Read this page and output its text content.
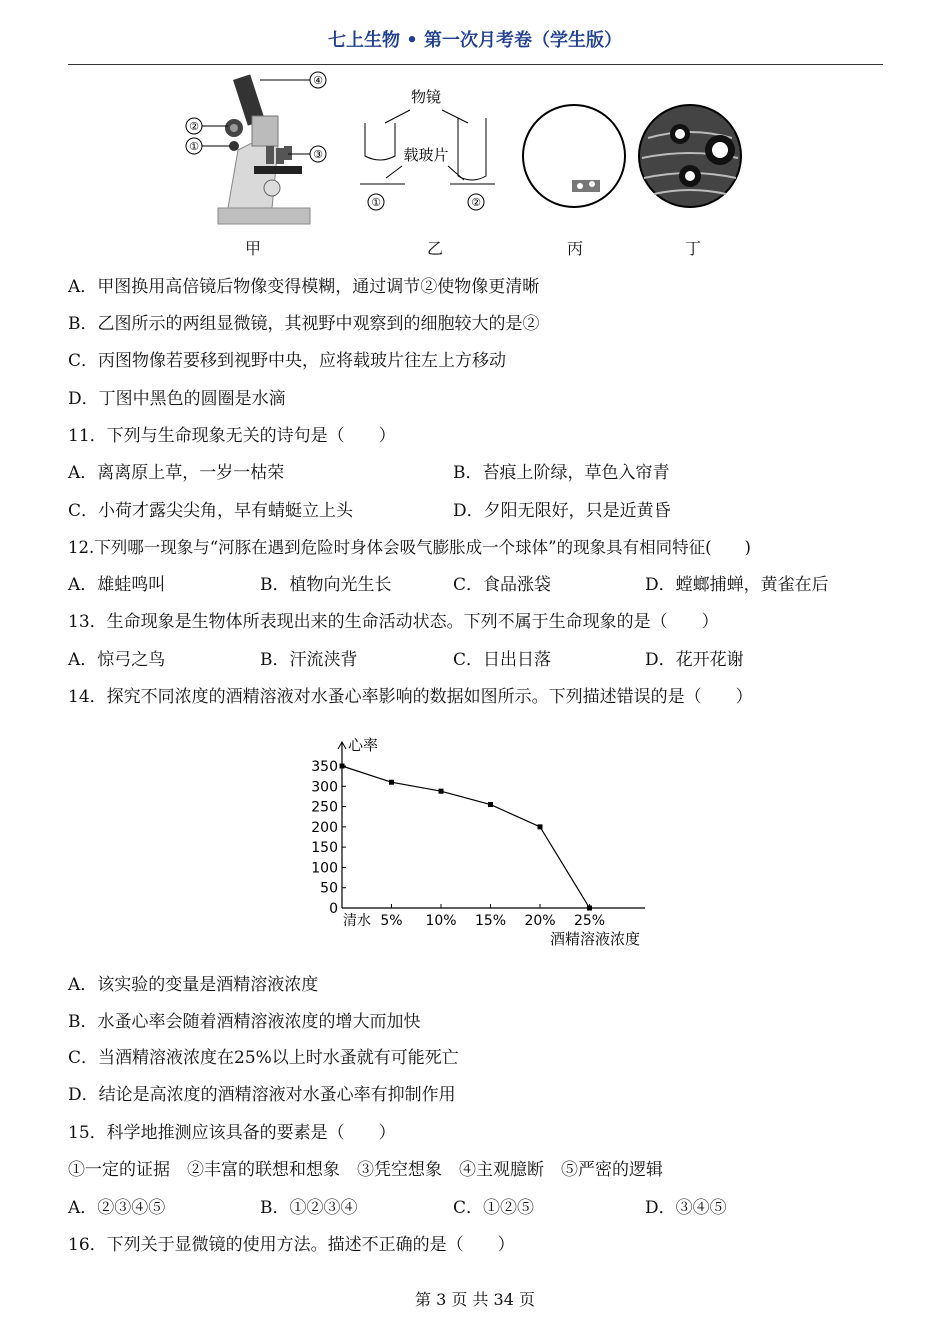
七上生物 • 第一次月考卷（学生版）
④
②
①
③
物镜
载玻片
①	②
甲	乙	丙	丁
A．甲图换用高倍镜后物像变得模糊，通过调节②使物像更清晰
B．乙图所示的两组显微镜，其视野中观察到的细胞较大的是②
C．丙图物像若要移到视野中央，应将载玻片往左上方移动
D．丁图中黑色的圆圈是水滴
11．下列与生命现象无关的诗句是（　　）
A．离离原上草，一岁一枯荣	B．苔痕上阶绿，草色入帘青
C．小荷才露尖尖角，早有蜻蜓立上头	D．夕阳无限好，只是近黄昏
12.下列哪一现象与“河豚在遇到危险时身体会吸气膨胀成一个球体”的现象具有相同特征(　　)
A．雄蛙鸣叫	B．植物向光生长	C．食品涨袋	D．螳螂捕蝉，黄雀在后
13．生命现象是生物体所表现出来的生命活动状态。下列不属于生命现象的是（　　）
A．惊弓之鸟	B．汗流浃背	C．日出日落	D．花开花谢
14．探究不同浓度的酒精溶液对水蚤心率影响的数据如图所示。下列描述错误的是（　　）
心率
0
50
100
150
200
250
300
350
清水 5% 10% 15% 20% 25%
酒精溶液浓度
A．该实验的变量是酒精溶液浓度
B．水蚤心率会随着酒精溶液浓度的增大而加快
C．当酒精溶液浓度在25%以上时水蚤就有可能死亡
D．结论是高浓度的酒精溶液对水蚤心率有抑制作用
15．科学地推测应该具备的要素是（　　）
①一定的证据　②丰富的联想和想象　③凭空想象　④主观臆断　⑤严密的逻辑
A．②③④⑤	B．①②③④	C．①②⑤	D．③④⑤
16．下列关于显微镜的使用方法。描述不正确的是（　　）
第 3 页 共 34 页
